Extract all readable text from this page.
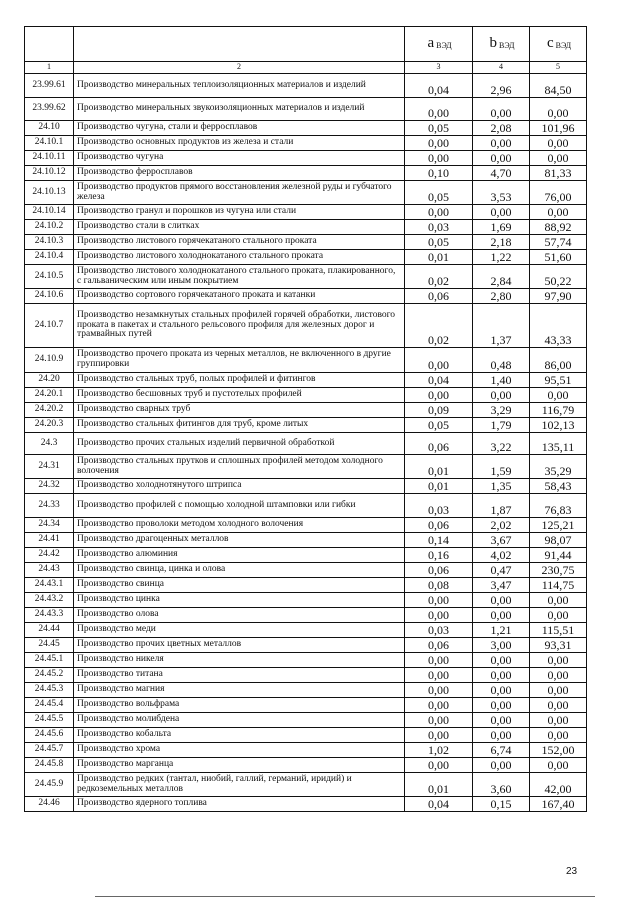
		а $_{ВЭД}$	b $_{ВЭД}$	с $_{ВЭД}$
1	2	3	4	5
23.99.61	Производство минеральных теплоизоляционных материалов и изделий	0,04	2,96	84,50
23.99.62	Производство минеральных звукоизоляционных материалов и изделий	0,00	0,00	0,00
24.10	Производство чугуна, стали и ферросплавов	0,05	2,08	101,96
24.10.1	Производство основных продуктов из железа и стали	0,00	0,00	0,00
24.10.11	Производство чугуна	0,00	0,00	0,00
24.10.12	Производство ферросплавов	0,10	4,70	81,33
24.10.13	Производство продуктов прямого восстановления железной руды и губчатого железа	0,05	3,53	76,00
24.10.14	Производство гранул и порошков из чугуна или стали	0,00	0,00	0,00
24.10.2	Производство стали в слитках	0,03	1,69	88,92
24.10.3	Производство листового горячекатаного стального проката	0,05	2,18	57,74
24.10.4	Производство листового холоднокатаного стального проката	0,01	1,22	51,60
24.10.5	Производство листового холоднокатаного стального проката, плакированного, с гальваническим или иным покрытием	0,02	2,84	50,22
24.10.6	Производство сортового горячекатаного проката и катанки	0,06	2,80	97,90
24.10.7	Производство незамкнутых стальных профилей горячей обработки, листового проката в пакетах и стального рельсового профиля для железных дорог и трамвайных путей	0,02	1,37	43,33
24.10.9	Производство прочего проката из черных металлов, не включенного в другие группировки	0,00	0,48	86,00
24.20	Производство стальных труб, полых профилей и фитингов	0,04	1,40	95,51
24.20.1	Производство бесшовных труб и пустотелых профилей	0,00	0,00	0,00
24.20.2	Производство сварных труб	0,09	3,29	116,79
24.20.3	Производство стальных фитингов для труб, кроме литых	0,05	1,79	102,13
24.3	Производство прочих стальных изделий первичной обработкой	0,06	3,22	135,11
24.31	Производство стальных прутков и сплошных профилей методом холодного волочения	0,01	1,59	35,29
24.32	Производство холоднотянутого штрипса	0,01	1,35	58,43
24.33	Производство профилей с помощью холодной штамповки или гибки	0,03	1,87	76,83
24.34	Производство проволоки методом холодного волочения	0,06	2,02	125,21
24.41	Производство драгоценных металлов	0,14	3,67	98,07
24.42	Производство алюминия	0,16	4,02	91,44
24.43	Производство свинца, цинка и олова	0,06	0,47	230,75
24.43.1	Производство свинца	0,08	3,47	114,75
24.43.2	Производство цинка	0,00	0,00	0,00
24.43.3	Производство олова	0,00	0,00	0,00
24.44	Производство меди	0,03	1,21	115,51
24.45	Производство прочих цветных металлов	0,06	3,00	93,31
24.45.1	Производство никеля	0,00	0,00	0,00
24.45.2	Производство титана	0,00	0,00	0,00
24.45.3	Производство магния	0,00	0,00	0,00
24.45.4	Производство вольфрама	0,00	0,00	0,00
24.45.5	Производство молибдена	0,00	0,00	0,00
24.45.6	Производство кобальта	0,00	0,00	0,00
24.45.7	Производство хрома	1,02	6,74	152,00
24.45.8	Производство марганца	0,00	0,00	0,00
24.45.9	Производство редких (тантал, ниобий, галлий, германий, иридий) и редкоземельных металлов	0,01	3,60	42,00
24.46	Производство ядерного топлива	0,04	0,15	167,40
23
